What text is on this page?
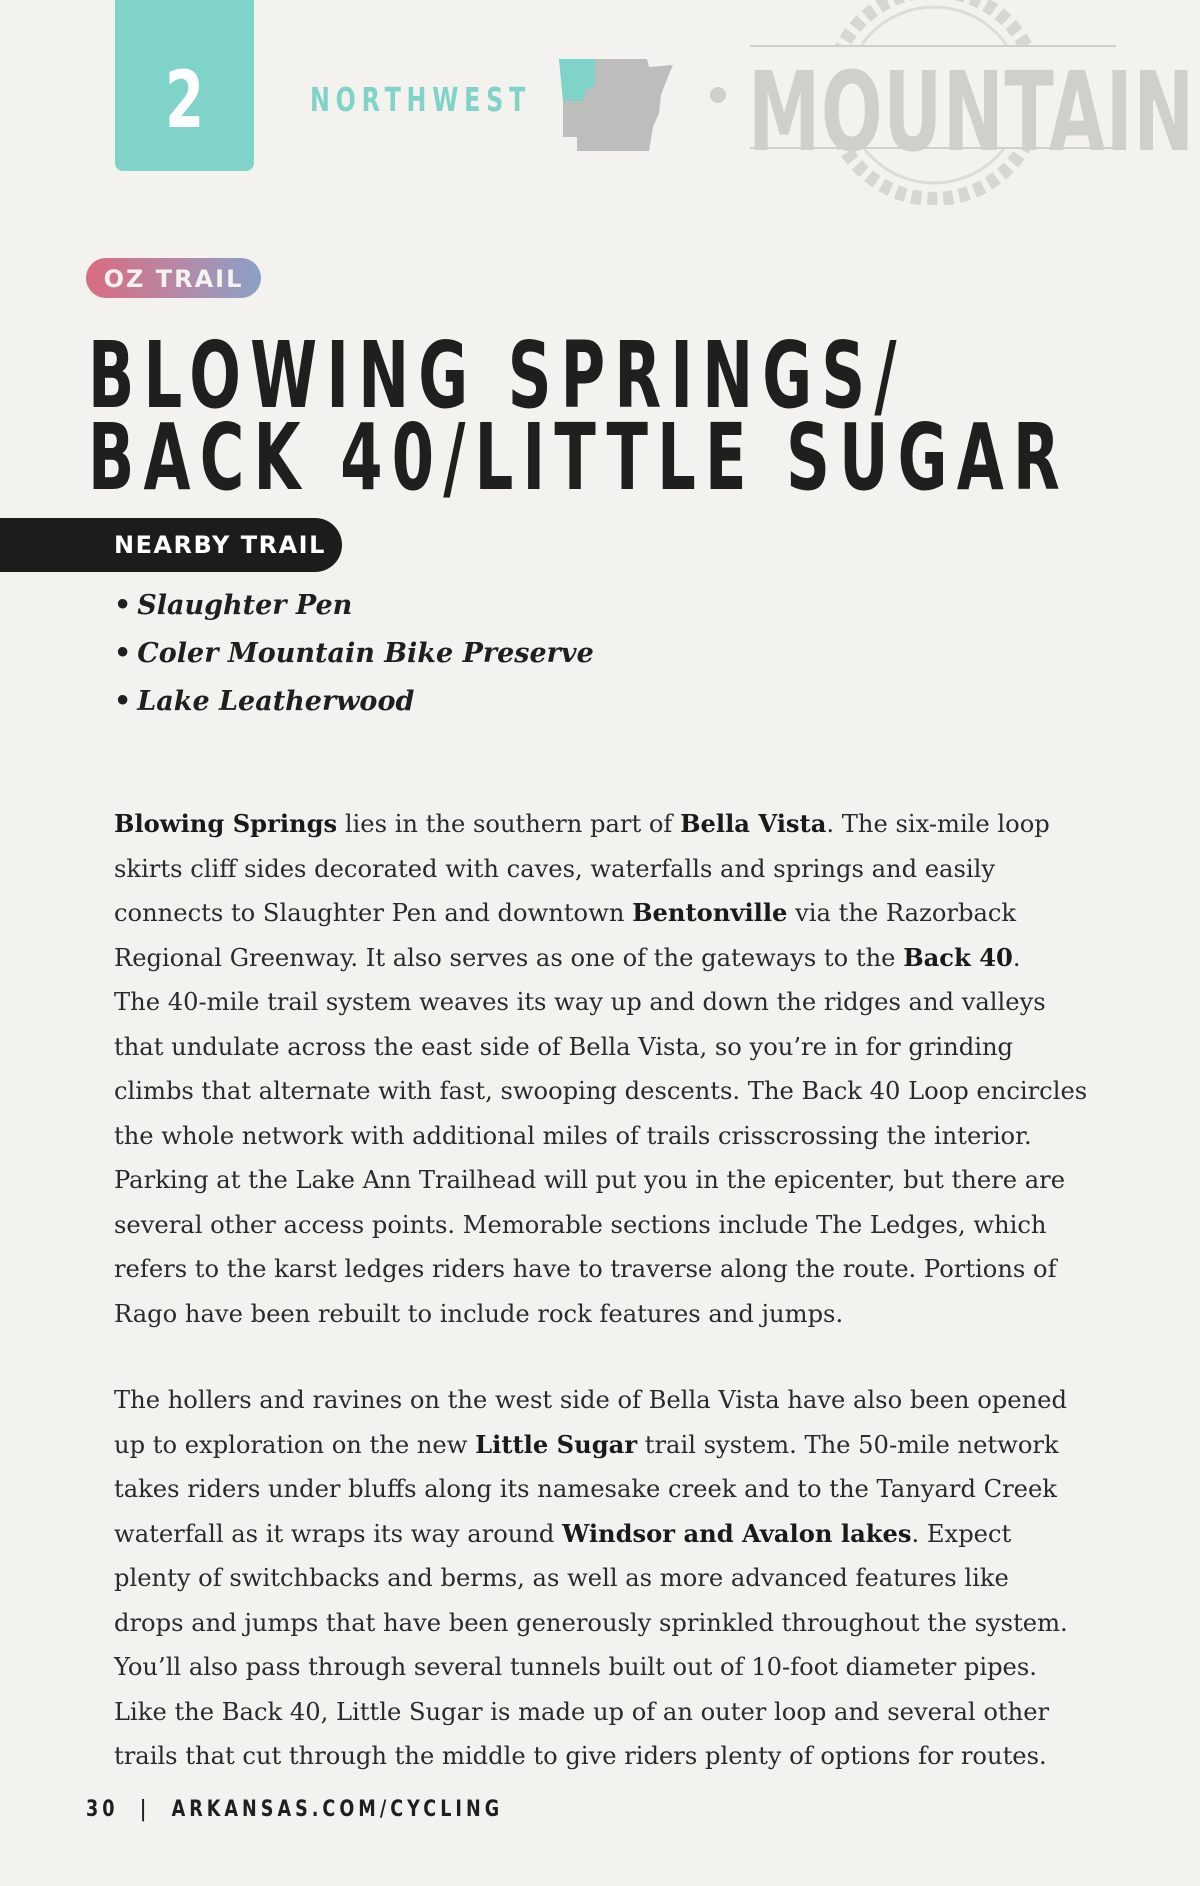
2	NORTHWEST MOUNTAIN
OZ TRAIL
BLOWING SPRINGS/
BACK 40/LITTLE SUGAR
NEARBY TRAIL
• Slaughter Pen
• Coler Mountain Bike Preserve
• Lake Leatherwood

Blowing Springs lies in the southern part of Bella Vista. The six-mile loop
skirts cliff sides decorated with caves, waterfalls and springs and easily
connects to Slaughter Pen and downtown Bentonville via the Razorback
Regional Greenway. It also serves as one of the gateways to the Back 40.
The 40-mile trail system weaves its way up and down the ridges and valleys
that undulate across the east side of Bella Vista, so you’re in for grinding
climbs that alternate with fast, swooping descents. The Back 40 Loop encircles
the whole network with additional miles of trails crisscrossing the interior.
Parking at the Lake Ann Trailhead will put you in the epicenter, but there are
several other access points. Memorable sections include The Ledges, which
refers to the karst ledges riders have to traverse along the route. Portions of
Rago have been rebuilt to include rock features and jumps.

The hollers and ravines on the west side of Bella Vista have also been opened
up to exploration on the new Little Sugar trail system. The 50-mile network
takes riders under bluffs along its namesake creek and to the Tanyard Creek
waterfall as it wraps its way around Windsor and Avalon lakes. Expect
plenty of switchbacks and berms, as well as more advanced features like
drops and jumps that have been generously sprinkled throughout the system.
You’ll also pass through several tunnels built out of 10-foot diameter pipes.
Like the Back 40, Little Sugar is made up of an outer loop and several other
trails that cut through the middle to give riders plenty of options for routes.

30 | ARKANSAS.COM/CYCLING
